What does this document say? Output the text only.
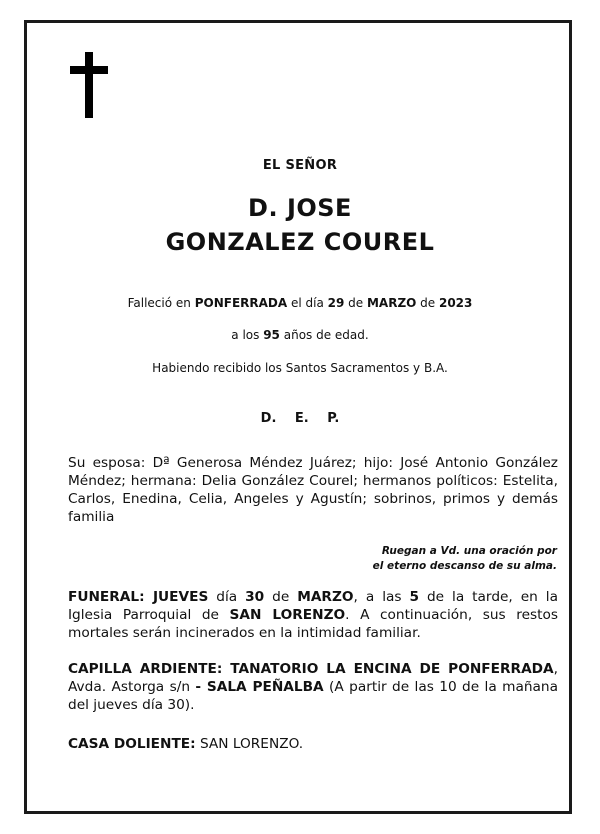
EL SEÑOR
D. JOSE
GONZALEZ COUREL
Falleció en PONFERRADA el día 29 de MARZO de 2023
a los 95 años de edad.
Habiendo recibido los Santos Sacramentos y B.A.
D. E. P.
Su esposa: Dª Generosa Méndez Juárez; hijo: José Antonio González Méndez; hermana: Delia González Courel; hermanos políticos: Estelita, Carlos, Enedina, Celia, Angeles y Agustín; sobrinos, primos y demás familia
Ruegan a Vd. una oración por
el eterno descanso de su alma.
FUNERAL: JUEVES día 30 de MARZO, a las 5 de la tarde, en la Iglesia Parroquial de SAN LORENZO. A continuación, sus restos mortales serán incinerados en la intimidad familiar.
CAPILLA ARDIENTE: TANATORIO LA ENCINA DE PONFERRADA, Avda. Astorga s/n - SALA PEÑALBA (A partir de las 10 de la mañana del jueves día 30).
CASA DOLIENTE: SAN LORENZO.
